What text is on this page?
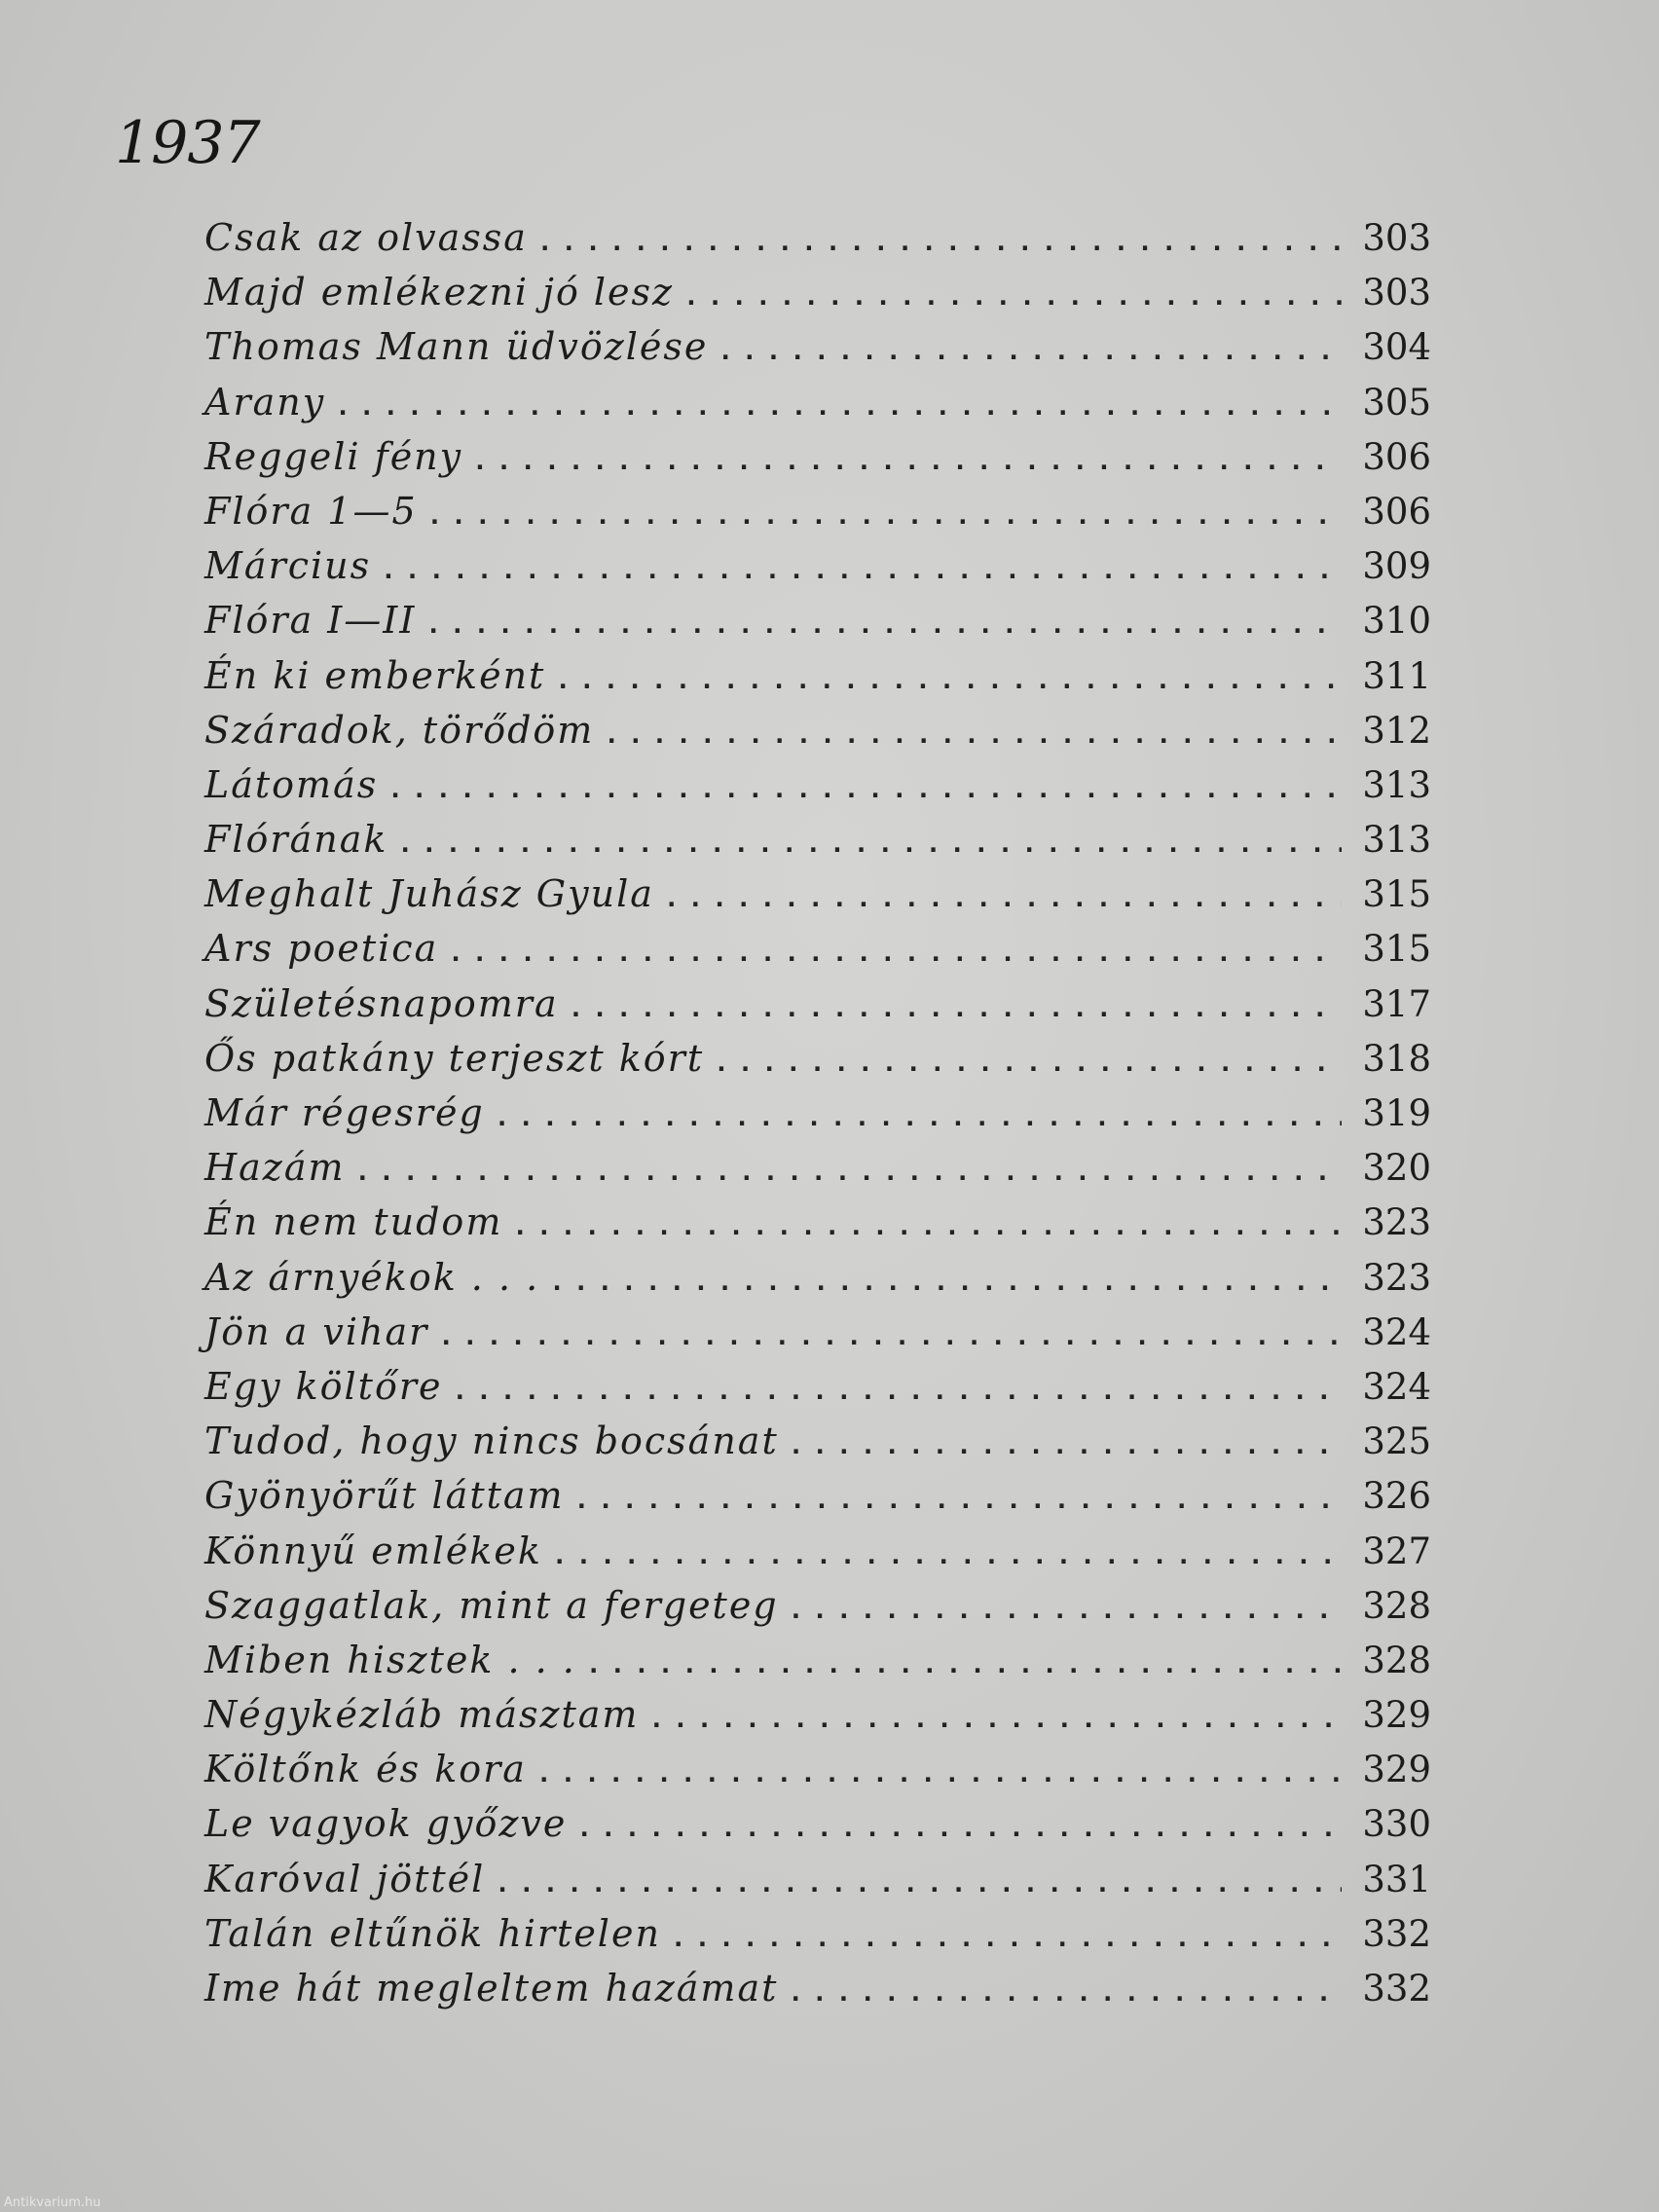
1937
Csak az olvassa .....	303
Majd emlékezni jó lesz .....	303
Thomas Mann üdvözlése .....	304
Arany .....	305
Reggeli fény .....	306
Flóra 1—5 .....	306
Március .....	309
Flóra I—II .....	310
Én ki emberként .....	311
Száradok, törődöm .....	312
Látomás .....	313
Flórának .....	313
Meghalt Juhász Gyula .....	315
Ars poetica .....	315
Születésnapomra .....	317
Ős patkány terjeszt kórt .....	318
Már régesrég .....	319
Hazám .....	320
Én nem tudom .....	323
Az árnyékok . . . .....	323
Jön a vihar .....	324
Egy költőre .....	324
Tudod, hogy nincs bocsánat .....	325
Gyönyörűt láttam .....	326
Könnyű emlékek .....	327
Szaggatlak, mint a fergeteg .....	328
Miben hisztek . . . .....	328
Négykézláb másztam .....	329
Költőnk és kora .....	329
Le vagyok győzve .....	330
Karóval jöttél .....	331
Talán eltűnök hirtelen .....	332
Ime hát megleltem hazámat .....	332
Antikvarium.hu
